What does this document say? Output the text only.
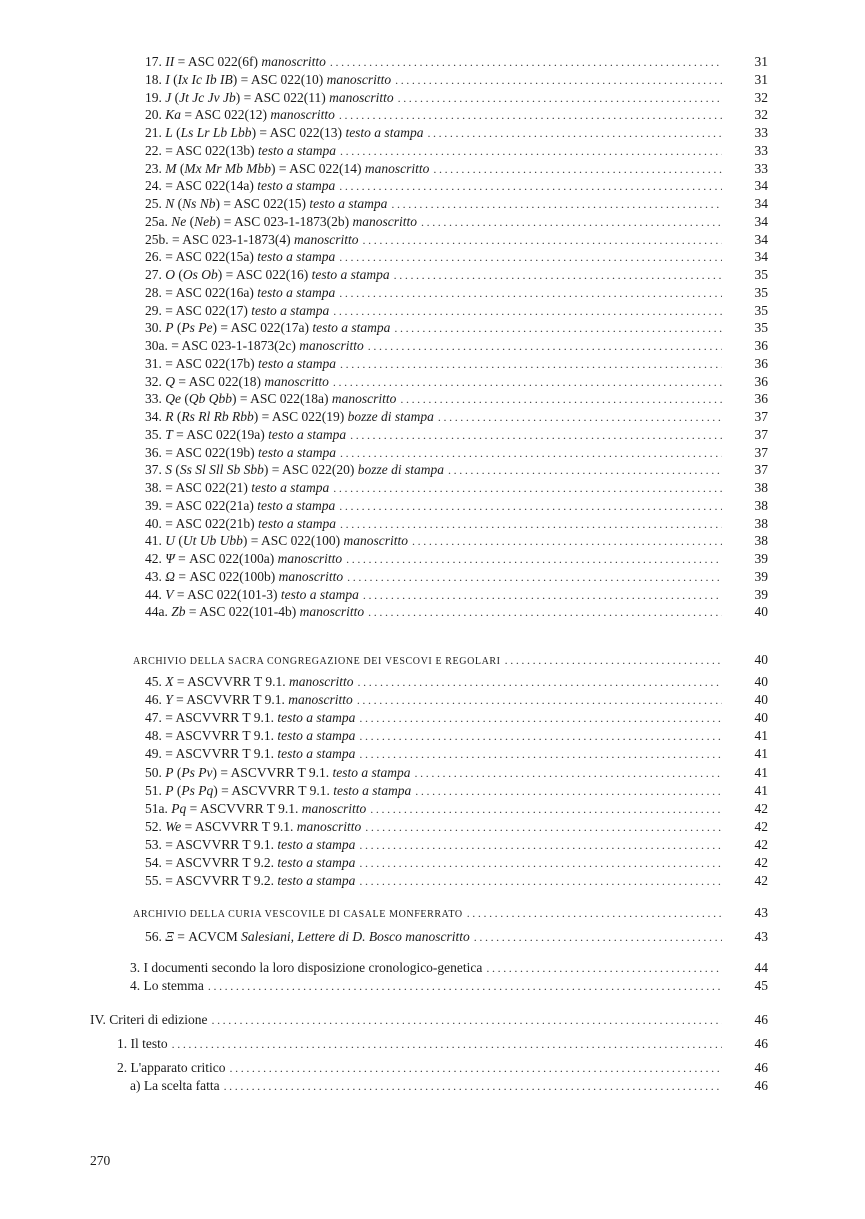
17. II = ASC 022(6f) manoscritto .....	31
18. I (Ix Ic Ib IB) = ASC 022(10) manoscritto .....	31
19. J (Jt Jc Jv Jb) = ASC 022(11) manoscritto .....	32
20. Ka = ASC 022(12) manoscritto .....	32
21. L (Ls Lr Lb Lbb) = ASC 022(13) testo a stampa .....	33
22. = ASC 022(13b) testo a stampa .....	33
23. M (Mx Mr Mb Mbb) = ASC 022(14) manoscritto .....	33
24. = ASC 022(14a) testo a stampa .....	34
25. N (Ns Nb) = ASC 022(15) testo a stampa .....	34
25a. Ne (Neb) = ASC 023-1-1873(2b) manoscritto .....	34
25b. = ASC 023-1-1873(4) manoscritto .....	34
26. = ASC 022(15a) testo a stampa .....	34
27. O (Os Ob) = ASC 022(16) testo a stampa .....	35
28. = ASC 022(16a) testo a stampa .....	35
29. = ASC 022(17) testo a stampa .....	35
30. P (Ps Pe) = ASC 022(17a) testo a stampa .....	35
30a. = ASC 023-1-1873(2c) manoscritto .....	36
31. = ASC 022(17b) testo a stampa .....	36
32. Q = ASC 022(18) manoscritto .....	36
33. Qe (Qb Qbb) = ASC 022(18a) manoscritto .....	36
34. R (Rs Rl Rb Rbb) = ASC 022(19) bozze di stampa .....	37
35. T = ASC 022(19a) testo a stampa .....	37
36. = ASC 022(19b) testo a stampa .....	37
37. S (Ss Sl Sll Sb Sbb) = ASC 022(20) bozze di stampa .....	37
38. = ASC 022(21) testo a stampa .....	38
39. = ASC 022(21a) testo a stampa .....	38
40. = ASC 022(21b) testo a stampa .....	38
41. U (Ut Ub Ubb) = ASC 022(100) manoscritto .....	38
42. Ψ = ASC 022(100a) manoscritto .....	39
43. Ω = ASC 022(100b) manoscritto .....	39
44. V = ASC 022(101-3) testo a stampa .....	39
44a. Zb = ASC 022(101-4b) manoscritto .....	40
ARCHIVIO DELLA SACRA CONGREGAZIONE DEI VESCOVI E REGOLARI .....	40
45. X = ASCVVRR T 9.1. manoscritto .....	40
46. Y = ASCVVRR T 9.1. manoscritto .....	40
47. = ASCVVRR T 9.1. testo a stampa .....	40
48. = ASCVVRR T 9.1. testo a stampa .....	41
49. = ASCVVRR T 9.1. testo a stampa .....	41
50. P (Ps Pv) = ASCVVRR T 9.1. testo a stampa .....	41
51. P (Ps Pq) = ASCVVRR T 9.1. testo a stampa .....	41
51a. Pq = ASCVVRR T 9.1. manoscritto .....	42
52. We = ASCVVRR T 9.1. manoscritto .....	42
53. = ASCVVRR T 9.1. testo a stampa .....	42
54. = ASCVVRR T 9.2. testo a stampa .....	42
55. = ASCVVRR T 9.2. testo a stampa .....	42
ARCHIVIO DELLA CURIA VESCOVILE DI CASALE MONFERRATO .....	43
56. Ξ = ACVCM Salesiani, Lettere di D. Bosco manoscritto .....	43
3. I documenti secondo la loro disposizione cronologico-genetica .....	44
4. Lo stemma .....	45
IV. Criteri di edizione .....	46
1. Il testo .....	46
2. L'apparato critico .....	46
a) La scelta fatta .....	46
270
